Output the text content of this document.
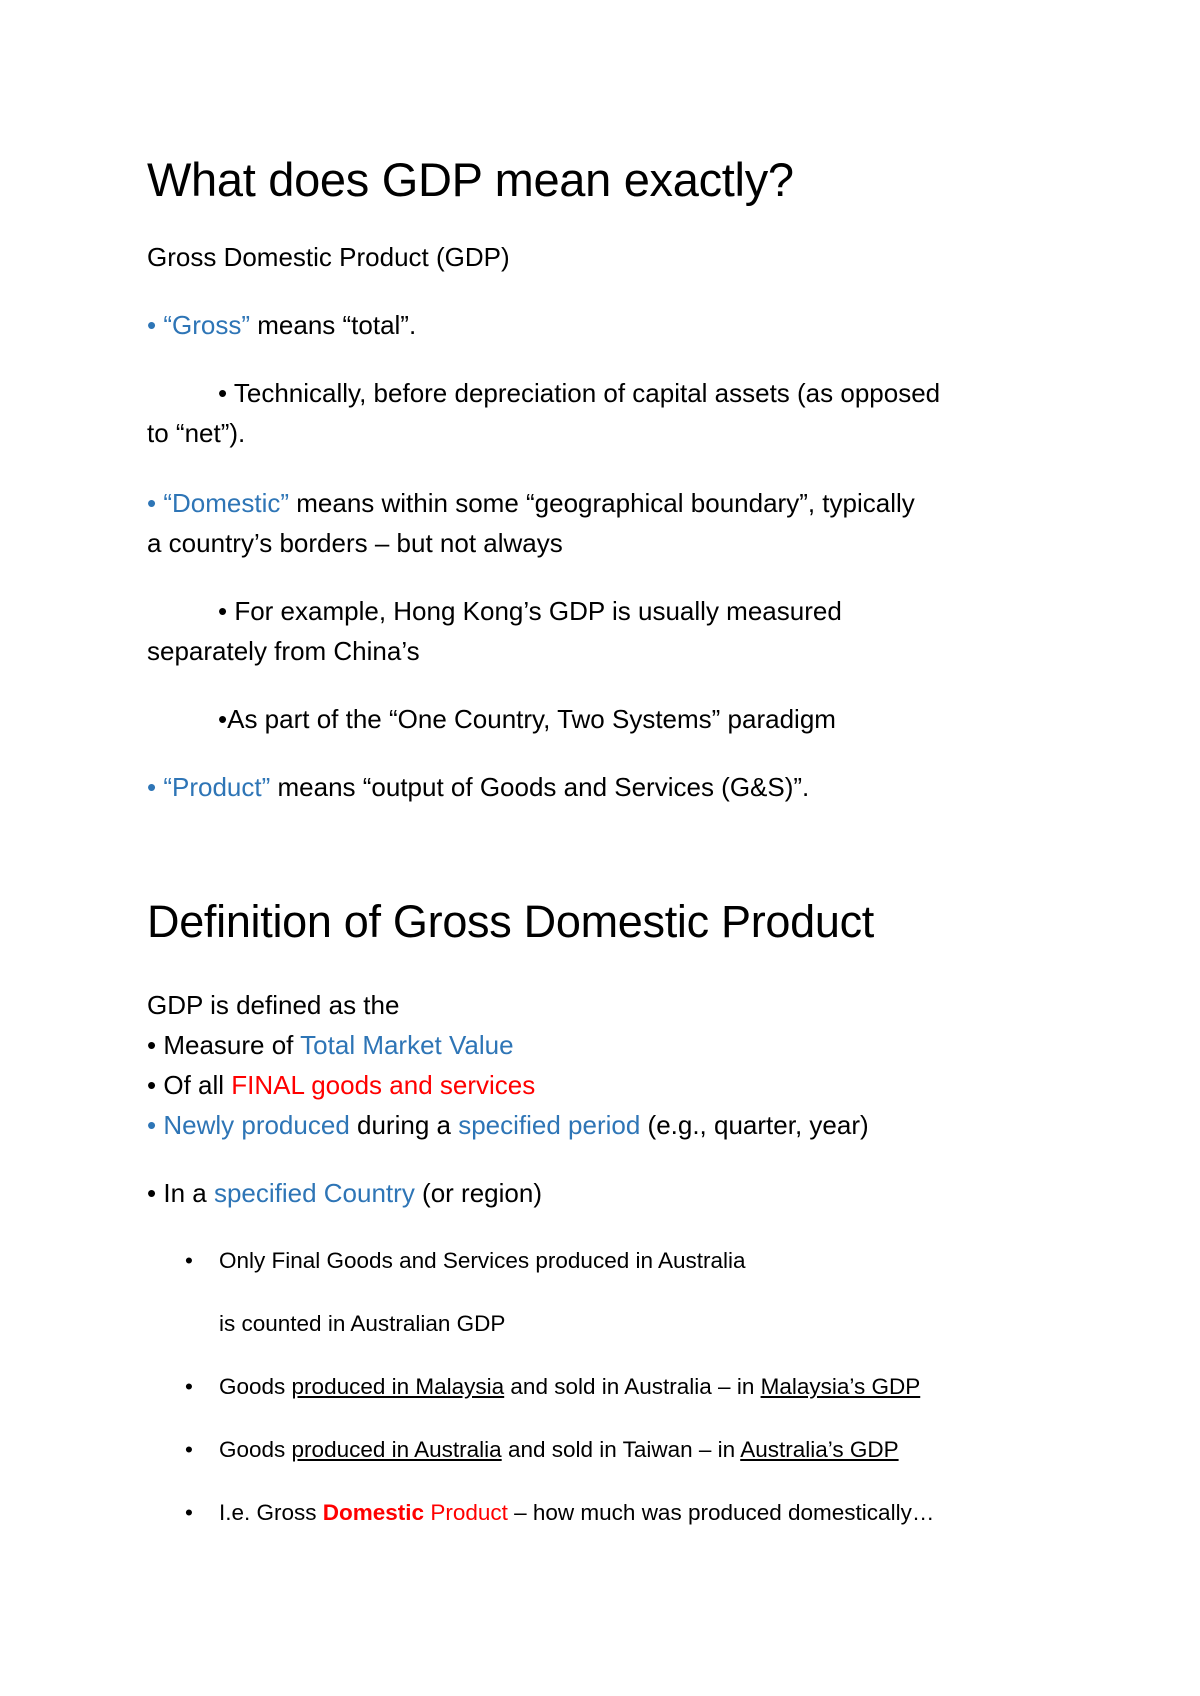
What does GDP mean exactly?

Gross Domestic Product (GDP)

• “Gross” means “total”.

• Technically, before depreciation of capital assets (as opposed

to “net”).

• “Domestic” means within some “geographical boundary”, typically

a country’s borders – but not always

• For example, Hong Kong’s GDP is usually measured

separately from China’s

•As part of the “One Country, Two Systems” paradigm

• “Product” means “output of Goods and Services (G&S)”.

Definition of Gross Domestic Product

GDP is defined as the

• Measure of Total Market Value

• Of all FINAL goods and services

• Newly produced during a specified period (e.g., quarter, year)

• In a specified Country (or region)

• Only Final Goods and Services produced in Australia

is counted in Australian GDP

• Goods produced in Malaysia and sold in Australia – in Malaysia’s GDP

• Goods produced in Australia and sold in Taiwan – in Australia’s GDP

• I.e. Gross Domestic Product – how much was produced domestically…
